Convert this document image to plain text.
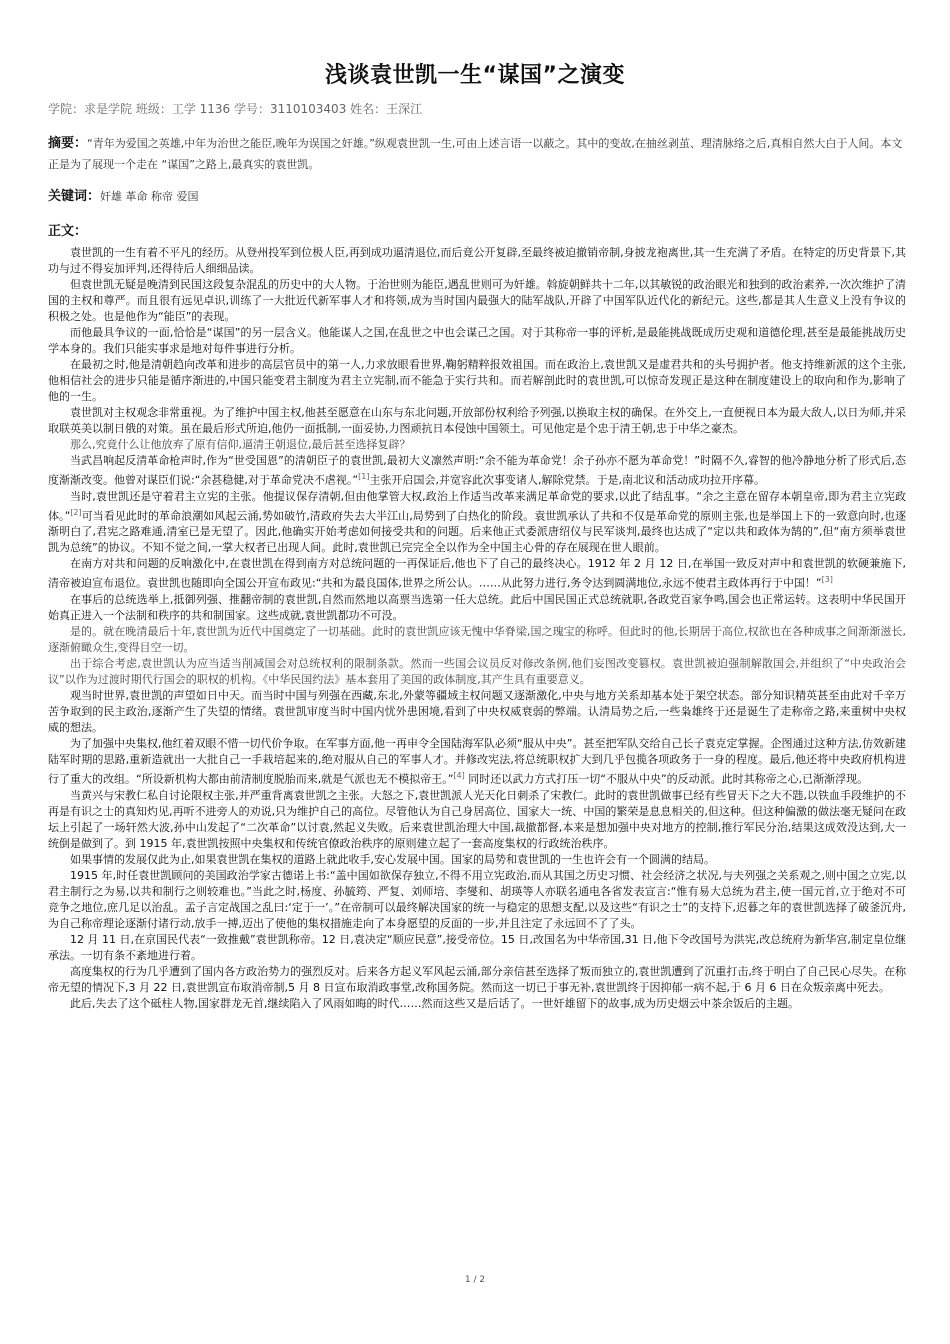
浅谈袁世凯一生“谋国”之演变
学院：求是学院 班级：工学 1136 学号：3110103403 姓名：王深江
摘要：“青年为爱国之英雄,中年为治世之能臣,晚年为误国之奸雄。”纵观袁世凯一生,可由上述言语一以蔽之。其中的变故,在抽丝剥茧、理清脉络之后,真相自然大白于人间。本文正是为了展现一个走在 “谋国”之路上,最真实的袁世凯。
关键词：奸雄 革命 称帝 爱国
正文：

袁世凯的一生有着不平凡的经历。从登州投军到位极人臣,再到成功逼清退位,而后竟公开复辟,至最终被迫撤销帝制,身披龙袍离世,其一生充满了矛盾。在特定的历史背景下,其功与过不得妄加评判,还得待后人细细品读。

但袁世凯无疑是晚清到民国这段复杂混乱的历史中的大人物。于治世则为能臣,遇乱世则可为奸雄。斡旋朝鲜共十二年,以其敏锐的政治眼光和独到的政治素养,一次次维护了清国的主权和尊严。而且很有远见卓识,训练了一大批近代新军事人才和将领,成为当时国内最强大的陆军战队,开辟了中国军队近代化的新纪元。这些,都是其人生意义上没有争议的积极之处。也是他作为“能臣”的表现。

而他最具争议的一面,恰恰是“谋国”的另一层含义。他能谋人之国,在乱世之中也会谋己之国。对于其称帝一事的评析,是最能挑战既成历史观和道德伦理,甚至是最能挑战历史学本身的。我们只能实事求是地对每件事进行分析。

在最初之时,他是清朝趋向改革和进步的高层官员中的第一人,力求放眼看世界,鞠躬精粹报效祖国。而在政治上,袁世凯又是虚君共和的头号拥护者。他支持维新派的这个主张,他相信社会的进步只能是循序渐进的,中国只能变君主制度为君主立宪制,而不能急于实行共和。而若解剖此时的袁世凯,可以惊奇发现正是这种在制度建设上的取向和作为,影响了他的一生。

袁世凯对主权观念非常重视。为了维护中国主权,他甚至愿意在山东与东北问题,开放部份权利给予列强,以换取主权的确保。在外交上,一直便视日本为最大敌人,以日为师,并采取联英美以制日俄的对策。虽在最后形式所迫,他仍一面抵制,一面妥协,力图顽抗日本侵蚀中国领土。可见他定是个忠于清王朝,忠于中华之豪杰。

那么,究竟什么让他放弃了原有信仰,逼清王朝退位,最后甚至选择复辟？

当武昌响起反清革命枪声时,作为“世受国恩”的清朝臣子的袁世凯,最初大义凛然声明:“余不能为革命党！余子孙亦不愿为革命党！”时隔不久,睿智的他冷静地分析了形式后,态度渐渐改变。他曾对谋臣们说:“余甚稳健,对于革命党决不虐视。”[1]主张开启国会,并宽容此次事变诸人,解除党禁。于是,南北议和活动成功拉开序幕。

当时,袁世凯还是守着君主立宪的主张。他提议保存清朝,但由他掌管大权,政治上作适当改革来满足革命党的要求,以此了结乱事。“余之主意在留存本朝皇帝,即为君主立宪政体。”[2]可当看见此时的革命浪潮如风起云涌,势如破竹,清政府失去大半江山,局势到了白热化的阶段。袁世凯承认了共和不仅是革命党的原则主张,也是举国上下的一致意向时,也逐渐明白了,君宪之路难通,清室已是无望了。因此,他确实开始考虑如何接受共和的问题。后来他正式委派唐绍仪与民军谈判,最终也达成了“定以共和政体为鹄的”,但“南方须举袁世凯为总统”的协议。不知不觉之间,一掌大权者已出现人间。此时,袁世凯已完完全全以作为全中国主心骨的存在展现在世人眼前。

在南方对共和问题的反响激化中,在袁世凯在得到南方对总统问题的一再保证后,他也下了自己的最终决心。1912 年 2 月 12 日,在举国一致反对声中和袁世凯的软硬兼施下,清帝被迫宣布退位。袁世凯也随即向全国公开宣布政见:“共和为最良国体,世界之所公认。……从此努力进行,务令达到圆满地位,永远不使君主政体再行于中国！”[3]

在事后的总统选举上,抵御列强、推翻帝制的袁世凯,自然而然地以高票当选第一任大总统。此后中国民国正式总统就职,各政党百家争鸣,国会也正常运转。这表明中华民国开始真正进入一个法制和秩序的共和制国家。这些成就,袁世凯都功不可没。

是的。就在晚清最后十年,袁世凯为近代中国奠定了一切基础。此时的袁世凯应该无愧中华脊梁,国之瑰宝的称呼。但此时的他,长期居于高位,权欲也在各种成事之间渐渐滋长,逐渐俯瞰众生,变得目空一切。

出于综合考虑,袁世凯认为应当适当削减国会对总统权利的限制条款。然而一些国会议员反对修改条例,他们妄图改变篡权。袁世凯被迫强制解散国会,并组织了“中央政治会议”以作为过渡时期代行国会的职权的机构。《中华民国约法》基本套用了美国的政体制度,其产生具有重要意义。

观当时世界,袁世凯的声望如日中天。而当时中国与列强在西藏,东北,外蒙等疆域主权问题又逐渐激化,中央与地方关系却基本处于架空状态。部分知识精英甚至由此对千辛万苦争取到的民主政治,逐渐产生了失望的情绪。袁世凯审度当时中国内忧外患困境,看到了中央权威衰弱的弊端。认清局势之后,一些枭雄终于还是诞生了走称帝之路,来重树中央权威的想法。

为了加强中央集权,他红着双眼不惜一切代价争取。在军事方面,他一再申令全国陆海军队必须“服从中央”。甚至把军队交给自己长子袁克定掌握。企图通过这种方法,仿效新建陆军时期的思路,重新造就出一大批自己一手栽培起来的,绝对服从自己的军事人才。并修改宪法,将总统职权扩大到几乎包揽各项政务于一身的程度。最后,他还将中央政府机构进行了重大的改组。“所设新机构大都由前清制度脱胎而来,就是气派也无不模拟帝王。”[4] 同时还以武力方式打压一切“不服从中央”的反动派。此时其称帝之心,已渐渐浮现。

当黄兴与宋教仁私自讨论限权主张,并严重背离袁世凯之主张。大怒之下,袁世凯派人光天化日刺杀了宋教仁。此时的袁世凯做事已经有些冒天下之大不韪,以铁血手段维护的不再是有识之士的真知灼见,再听不进旁人的劝说,只为维护自己的高位。尽管他认为自己身居高位、国家大一统、中国的繁荣是息息相关的,但这种。但这种偏激的做法毫无疑问在政坛上引起了一场轩然大波,孙中山发起了“二次革命”以讨袁,然起义失败。后来袁世凯治理大中国,裁撤都督,本来是想加强中央对地方的控制,推行军民分治,结果这成效没达到,大一统倒是做到了。到 1915 年,袁世凯按照中央集权和传统官僚政治秩序的原则建立起了一套高度集权的行政统治秩序。

如果事情的发展仅此为止,如果袁世凯在集权的道路上就此收手,安心发展中国。国家的局势和袁世凯的一生也许会有一个圆满的结局。

1915 年,时任袁世凯顾问的美国政治学家古德诺上书:“盖中国如欲保存独立,不得不用立宪政治,而从其国之历史习惯、社会经济之状况,与夫列强之关系观之,则中国之立宪,以君主制行之为易,以共和制行之则较难也。”当此之时,杨度、孙毓筠、严复、刘师培、李燮和、胡瑛等人亦联名通电各省发表宣言:“惟有易大总统为君主,使一国元首,立于绝对不可竞争之地位,庶几足以治乱。孟子言定战国之乱曰:‘定于一’。”在帝制可以最终解决国家的统一与稳定的思想支配,以及这些“有识之士”的支持下,迟暮之年的袁世凯选择了破釜沉舟,为自己称帝理论逐渐付诸行动,放手一搏,迈出了使他的集权措施走向了本身愿望的反面的一步,并且注定了永远回不了了头。

12 月 11 日,在京国民代表“一致推戴”袁世凯称帝。12 日,袁决定“顺应民意”,接受帝位。15 日,改国名为中华帝国,31 日,他下令改国号为洪宪,改总统府为新华宫,制定皇位继承法。一切有条不紊地进行着。

高度集权的行为几乎遭到了国内各方政治势力的强烈反对。后来各方起义军风起云涌,部分亲信甚至选择了叛而独立的,袁世凯遭到了沉重打击,终于明白了自己民心尽失。在称帝无望的情况下,3 月 22 日,袁世凯宣布取消帝制,5 月 8 日宣布取消政事堂,改称国务院。然而这一切已于事无补,袁世凯终于因抑郁一病不起,于 6 月 6 日在众叛亲离中死去。

此后,失去了这个砥柱人物,国家群龙无首,继续陷入了风雨如晦的时代……然而这些又是后话了。一世奸雄留下的故事,成为历史烟云中茶余饭后的主题。

1 / 2
